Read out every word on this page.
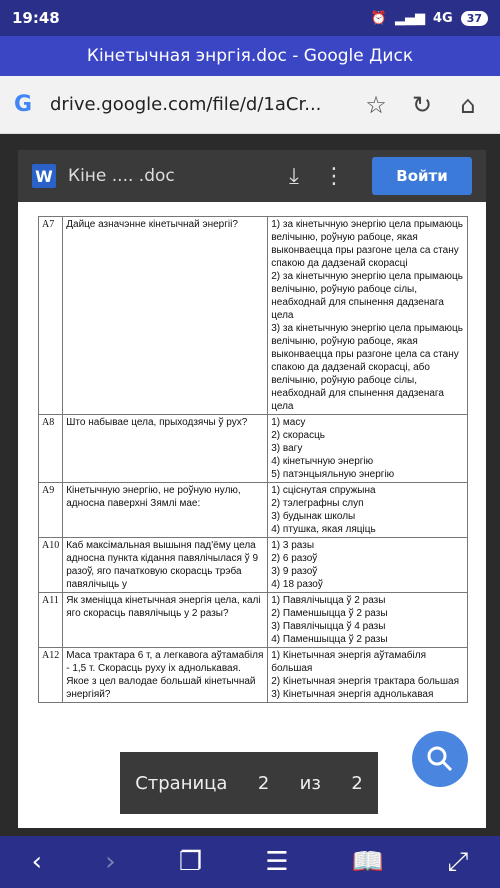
19:48	⏰ ▂▄▆ 4G	37
Кінетычная энргія.doc - Google Диск
G drive.google.com/file/d/1aCr...	☆	↻	⌂
W Кіне .... .doc	⤓	⋮	Войти
A7	Дайце азначэнне кінетычнай энергіі?	1) за кінетычную энергію цела прымаюць велічыню, роўную рабоце, якая выконваецца пры разгоне цела са стану спакою да дадзенай скорасці
2) за кінетычную энергію цела прымаюць велічыню, роўную рабоце сілы, неабходнай для спынення дадзенага цела
3) за кінетычную энергію цела прымаюць велічыню, роўную рабоце, якая выконваецца пры разгоне цела са стану спакою да дадзенай скорасці, або велічыню, роўную рабоце сілы, неабходнай для спынення дадзенага цела

A8	Што набывае цела, прыходзячы ў рух?	1) масу
2) скорасць
3) вагу
4) кінетычную энергію
5) патэнцыяльную энергію

A9	Кінетычную энергію, не роўную нулю, адносна паверхні Зямлі мае:	1) сціснутая спружына
2) тэлеграфны слуп
3) будынак школы
4) птушка, якая ляціць

A10	Каб максімальная вышыня пад'ёму цела адносна пункта кідання павялічылася ў 9 разоў, яго пачатковую скорасць трэба павялічыць у	1) 3 разы
2) 6 разоў
3) 9 разоў
4) 18 разоў

A11	Як зменіцца кінетычная энергія цела, калі яго скорасць павялічыць у 2 разы?	1) Павялічыцца ў 2 разы
2) Паменшыцца ў 2 разы
3) Павялічыцца ў 4 разы
4) Паменшыцца ў 2 разы

A12	Маса трактара 6 т, а легкавога аўтамабіля - 1,5 т. Скорасць руху іх аднолькавая. Якое з цел валодае большай кінетычнай энергіяй?	1) Кінетычная энергія аўтамабіля большая
2) Кінетычная энергія трактара большая
3) Кінетычная энергія аднолькавая
Страница 2 из 2
‹ › ❐ ☰ 📖 ⤢
